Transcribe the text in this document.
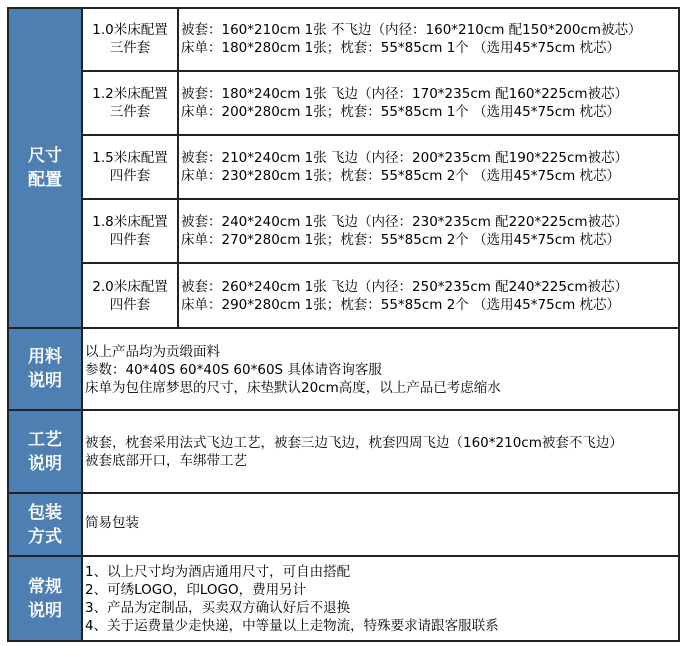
尺寸
配置
1.0米床配置
三件套
被套：160*210cm 1张 不飞边（内径：160*210cm 配150*200cm被芯）
床单：180*280cm 1张；枕套：55*85cm 1个 （选用45*75cm 枕芯）
1.2米床配置
三件套
被套：180*240cm 1张 飞边（内径：170*235cm 配160*225cm被芯）
床单：200*280cm 1张；枕套：55*85cm 1个 （选用45*75cm 枕芯）
1.5米床配置
四件套
被套：210*240cm 1张 飞边（内径：200*235cm 配190*225cm被芯）
床单：230*280cm 1张；枕套：55*85cm 2个 （选用45*75cm 枕芯）
1.8米床配置
四件套
被套：240*240cm 1张 飞边（内径：230*235cm 配220*225cm被芯）
床单：270*280cm 1张；枕套：55*85cm 2个 （选用45*75cm 枕芯）
2.0米床配置
四件套
被套：260*240cm 1张 飞边（内径：250*235cm 配240*225cm被芯）
床单：290*280cm 1张；枕套：55*85cm 2个 （选用45*75cm 枕芯）
用料
说明
以上产品均为贡缎面料
参数：40*40S 60*40S 60*60S 具体请咨询客服
床单为包住席梦思的尺寸，床垫默认20cm高度，以上产品已考虑缩水
工艺
说明
被套，枕套采用法式飞边工艺，被套三边飞边，枕套四周飞边（160*210cm被套不飞边）
被套底部开口，车绑带工艺
包装
方式
简易包装
常规
说明
1、以上尺寸均为酒店通用尺寸，可自由搭配
2、可绣LOGO，印LOGO，费用另计
3、产品为定制品，买卖双方确认好后不退换
4、关于运费量少走快递，中等量以上走物流，特殊要求请跟客服联系
